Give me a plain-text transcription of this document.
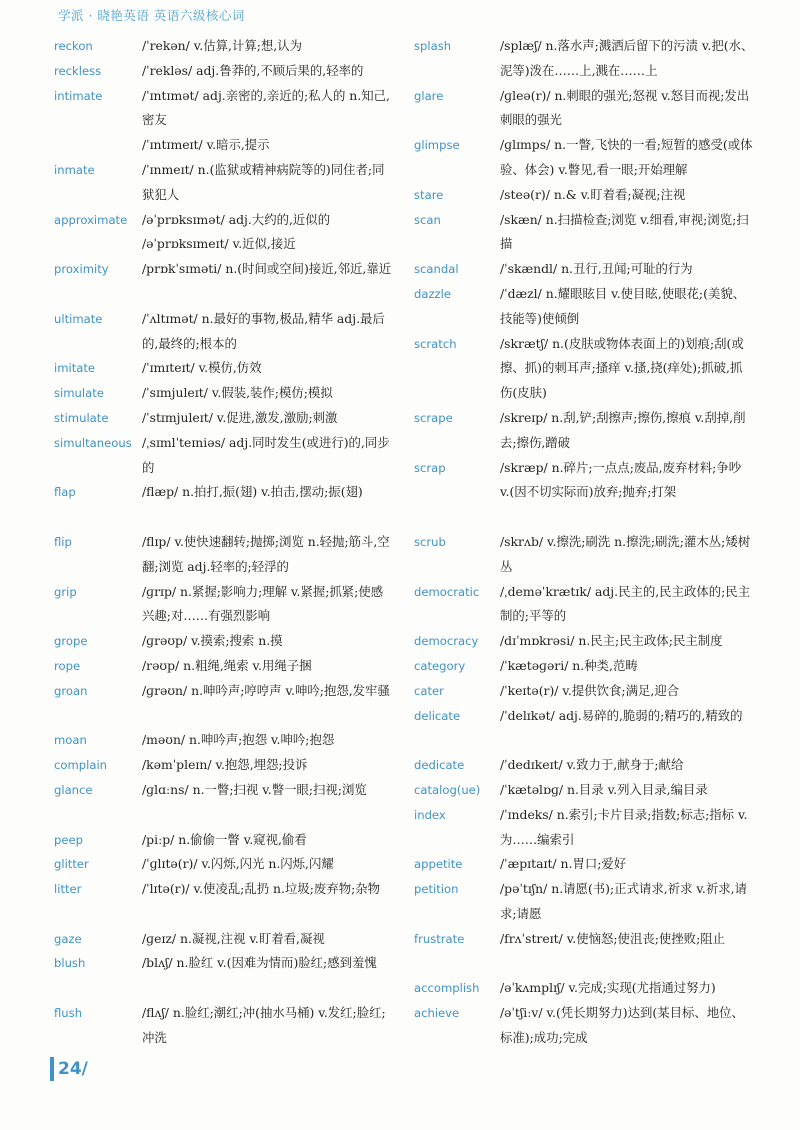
学派 · 晓艳英语 英语六级核心词
reckon	/ˈrekən/ v.估算,计算;想,认为
reckless	/ˈrekləs/ adj.鲁莽的,不顾后果的,轻率的
intimate	/ˈɪntɪmət/ adj.亲密的,亲近的;私人的 n.知己,密友
/ˈɪntɪmeɪt/ v.暗示,提示
inmate	/ˈɪnmeɪt/ n.(监狱或精神病院等的)同住者;同狱犯人
approximate /əˈprɒksɪmət/ adj.大约的,近似的
/əˈprɒksɪmeɪt/ v.近似,接近
proximity	/prɒkˈsɪməti/ n.(时间或空间)接近,邻近,靠近
ultimate	/ˈʌltɪmət/ n.最好的事物,极品,精华 adj.最后的,最终的;根本的
imitate	/ˈɪmɪteɪt/ v.模仿,仿效
simulate	/ˈsɪmjuleɪt/ v.假装,装作;模仿;模拟
stimulate	/ˈstɪmjuleɪt/ v.促进,激发,激励;刺激
simultaneous /ˌsɪmlˈteɪniəs/ adj.同时发生(或进行)的,同步的
flap	/flæp/ n.拍打,振(翅) v.拍击,摆动;振(翅)
flip	/flɪp/ v.使快速翻转;抛掷;浏览 n.轻抛;筋斗,空翻;浏览 adj.轻率的;轻浮的
grip	/ɡrɪp/ n.紧握;影响力;理解 v.紧握;抓紧;使感兴趣;对……有强烈影响
grope	/ɡrəʊp/ v.摸索;搜索 n.摸
rope	/rəʊp/ n.粗绳,绳索 v.用绳子捆
groan	/ɡrəʊn/ n.呻吟声;哼哼声 v.呻吟;抱怨,发牢骚
moan	/məʊn/ n.呻吟声;抱怨 v.呻吟;抱怨
complain	/kəmˈpleɪn/ v.抱怨,埋怨;投诉
glance	/ɡlɑːns/ n.一瞥;扫视 v.瞥一眼;扫视;浏览
peep	/piːp/ n.偷偷一瞥 v.窥视,偷看
glitter	/ˈɡlɪtə(r)/ v.闪烁,闪光 n.闪烁,闪耀
litter	/ˈlɪtə(r)/ v.使凌乱;乱扔 n.垃圾;废弃物;杂物
gaze	/ɡeɪz/ n.凝视,注视 v.盯着看,凝视
blush	/blʌʃ/ n.脸红 v.(因难为情而)脸红;感到羞愧
flush	/flʌʃ/ n.脸红;潮红;冲(抽水马桶) v.发红;脸红;冲洗
splash	/splæʃ/ n.落水声;溅洒后留下的污渍 v.把(水、泥等)泼在……上,溅在……上
glare	/ɡleə(r)/ n.刺眼的强光;怒视 v.怒目而视;发出刺眼的强光
glimpse	/ɡlɪmps/ n.一瞥,飞快的一看;短暂的感受(或体验、体会) v.瞥见,看一眼;开始理解
stare	/steə(r)/ n.& v.盯着看;凝视;注视
scan	/skæn/ n.扫描检查;浏览 v.细看,审视;浏览;扫描
scandal	/ˈskændl/ n.丑行,丑闻;可耻的行为
dazzle	/ˈdæzl/ n.耀眼眩目 v.使目眩,使眼花;(美貌、技能等)使倾倒
scratch	/skrætʃ/ n.(皮肤或物体表面上的)划痕;刮(或擦、抓)的刺耳声;搔痒 v.搔,挠(痒处);抓破,抓伤(皮肤)
scrape	/skreɪp/ n.刮,铲;刮擦声;擦伤,擦痕 v.刮掉,削去;擦伤,蹭破
scrap	/skræp/ n.碎片;一点点;废品,废弃材料;争吵 v.(因不切实际而)放弃;抛弃;打架
scrub	/skrʌb/ v.擦洗;刷洗 n.擦洗;刷洗;灌木丛;矮树丛
democratic /ˌdeməˈkrætɪk/ adj.民主的,民主政体的;民主制的;平等的
democracy /dɪˈmɒkrəsi/ n.民主;民主政体;民主制度
category	/ˈkætəɡəri/ n.种类,范畴
cater	/ˈkeɪtə(r)/ v.提供饮食;满足,迎合
delicate	/ˈdelɪkət/ adj.易碎的,脆弱的;精巧的,精致的
dedicate	/ˈdedɪkeɪt/ v.致力于,献身于;献给
catalog(ue) /ˈkætəlɒɡ/ n.目录 v.列入目录,编目录
index	/ˈɪndeks/ n.索引;卡片目录;指数;标志;指标 v.为……编索引
appetite	/ˈæpɪtaɪt/ n.胃口;爱好
petition	/pəˈtɪʃn/ n.请愿(书);正式请求,祈求 v.祈求,请求;请愿
frustrate	/frʌˈstreɪt/ v.使恼怒;使沮丧;使挫败;阻止
accomplish /əˈkʌmplɪʃ/ v.完成;实现(尤指通过努力)
achieve	/əˈtʃiːv/ v.(凭长期努力)达到(某目标、地位、标准);成功;完成
24/
